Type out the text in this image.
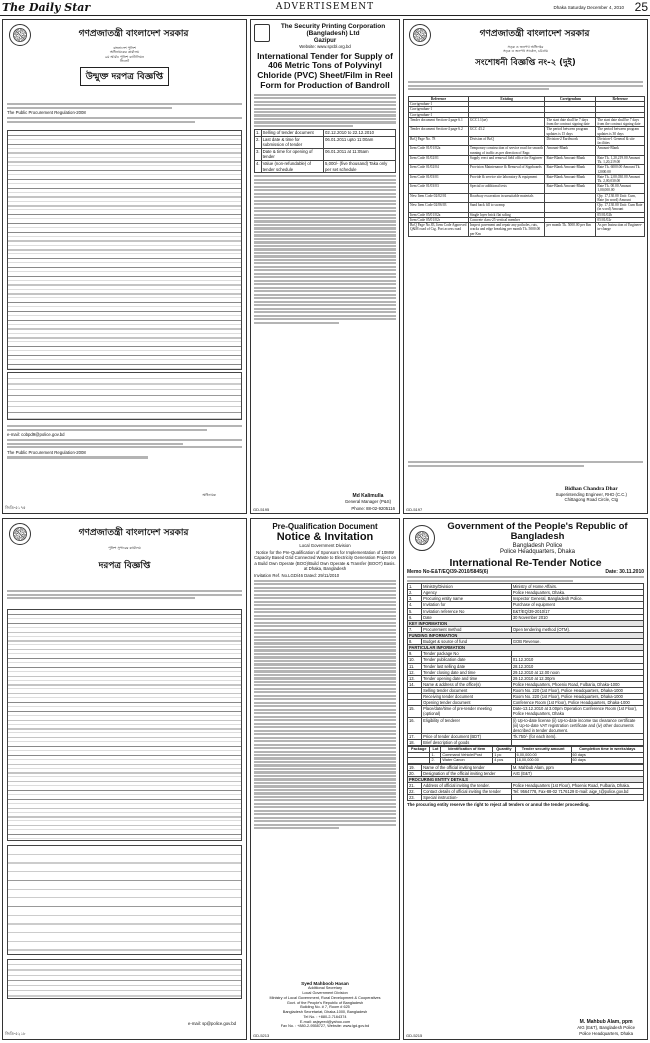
The Daily Star	ADVERTISEMENT	Dhaka Saturday December 4, 2010 25
গণপ্রজাতন্ত্রী বাংলাদেশ সরকার
বাংলাদেশ পুলিশ
অধিনায়কের কার্যালয়
৯ম আর্মড পুলিশ ব্যাটালিয়ন
সিলেট
উন্মুক্ত দরপত্র বিজ্ঞপ্তি
The Public Procurement Regulation-2008
e-mail: cobpd9@police.gov.bd
The Public Procurement Regulation-2008
অধিনায়ক
জিডি-৫১৭৫
The Security Printing Corporation (Bangladesh) Ltd
Gazipur
Website: www.spcbl.org.bd
International Tender for Supply of 406 Metric Tons of Polyvinyl Chloride (PVC) Sheet/Film in Reel Form for Production of Bandroll
1.	Selling of tender document	02.12.2010 to 22.12.2010
2.	Last date & time for submission of tender	06.01.2011 upto 11:00am
3.	Date & time for opening of tender	06.01.2011 at 11:05am
4.	Value (non-refundable) of tender schedule	5,000/- (five thousand) Taka only per set schedule
Md Kalimulla
General Manager (P&S)
Phone: 88-02-9205116
GD-5195
গণপ্রজাতন্ত্রী বাংলাদেশ সরকার
সড়ক ও জনপথ অধিদপ্তর
সড়ক ও জনপথ সার্কেল, চট্টগ্রাম
সংশোধনী বিজ্ঞপ্তি নং-২ (দুই)
Reference	Existing	Corrigendum	Reference
Corrigendum-1			
Corrigendum-1			
Corrigendum-1			
Tender document Section-4 page 6.1	GCC1.1(ae)	The start date shall be 7 days from the contract signing date	The start date shall be 7 days from the contract signing date
Tender document Section-4 page 6.2	GCC 43.2	The period between program updates is 15 days	The period between program updates is 30 days
BoQ Page No. 78	Division of BoQ	Division-2 Earthwork	Division-1 General & site facilities
Item Code 01/01/02a	Temporary construction of service road for smooth running of traffic as per direction of Engr.	Amount-Blank	Amount-Blank
Item Code 01/02/01	Supply erect and removal field office for Engineer	Rate-Blank Amount-Blank	Rate Tk. 1,20,219.00 Amount Tk. 1,20,219.00
Item Code 01/02/04	Provision Maintenance & Removal of Signboards	Rate-Blank Amount-Blank	Rate Tk. 6000.00 Amount Tk. 12000.00
Item Code 01/03/01	Provide & service site laboratory & equipment	Rate-Blank Amount-Blank	Rate Tk. 2,00,030.00 Amount Tk. 2,00,030.00
Item Code 01/03/03	Special or additional tests	Rate-Blank Amount-Blank	Rate Tk. 00.00 Amount 1,00,000.00
New Item Code 02/02/01	Roadway excavation in unsuitable materials		Qty. 17,130.00 Unit: Cum, Rate (in word) Amount
New Item Code 02/06/03	Sand back fill to swamp		Qty. 17,130.00 Unit: Cum Rate (in word) Amount
Item Code 05/01/02a	Single layer brick flat soling		05/01/02b
Item Code 05/01/02r	Concrete class-25 vertical member		05/01/02r
BoQ Page No.83, Item Code Approved Q&M road of Ctg. Port access road	Inspect pavement and repair any potholes, ruts, cracks and edge breaking per month Tk. 5000.00 per Km	per month Tk. 5000.00 per Km	As per Instruction of Engineer-in-charge
Bidhan Chandra Dhar
Superintending Engineer, RHD (C.C.)
Chittagong Road Circle, Ctg
GD-5197
গণপ্রজাতন্ত্রী বাংলাদেশ সরকার
পুলিশ সুপারের কার্যালয়
দরপত্র বিজ্ঞপ্তি
e-mail: sp@police.gov.bd
জিডি-৫২১৮
Pre-Qualification Document
Notice & Invitation
Local Government Division
Notice for the Pre-Qualification of Sponsors for Implementation of 10MW Capacity Based Grid Connected Waste to Electricity Generation Project on a Build Own Operate (BOO)/Build Own Operate & Transfer (BOOT) Basis. at Dhaka, Bangladesh
Invitation Ref. No.LGD/46 Dated: 29/11/2010
Syed Mahboob Hasan
Additional Secretary
Local Government Division
Ministry of Local Government, Rural Development & Cooperatives
Govt. of the People's Republic of Bangladesh
Building No. # 7, Room # 625
Bangladesh Secretariat, Dhaka-1000, Bangladesh
Tel No. : +880-2-7164374
E-mail: asjsyeed@yahoo.com
Fax No. : +880-2-9558727, Website: www.lgd.gov.bd
GD-5213
Government of the People's Republic of Bangladesh
Bangladesh Police
Police Headquarters, Dhaka
International Re-Tender Notice
Memo No-E&T/EQ/39-2010/5845(6)	Date: 30.11.2010
1.	Ministry/Division	Ministry of Home Affairs.
2.	Agency	Police Headquarters, Dhaka.
3.	Procuring entity name	Inspector General, Bangladesh Police.
4.	Invitation for	Purchase of equipment
5.	Invitation reference No	E&T/EQ/39-2010/17
6.	Date	30 November 2010
KEY INFORMATION		
7.	Procurement method	Open tendering method (OTM).
FUNDING INFORMATION		
8.	Budget & source of fund	GOB Revenue.
PARTICULAR INFORMATION		
9.	Tender package No	
10.	Tender publication date	01.12.2010
11.	Tender last selling date	28.12.2010
12.	Tender closing date and time	29.12.2010 at 12.00 noon
13.	Tender opening date and time	29.12.2010 at 12.30pm
14.	Name & address of the office(s)	Police Headquarters, Phoenix Road, Fulbaria, Dhaka-1000
	Selling tender document	Room No. 220 (1st Floor), Police Headquarters, Dhaka-1000
	Receiving tender document	Room No. 220 (1st Floor), Police Headquarters, Dhaka-1000
	Opening tender document	Conference Room (1st Floor), Police Headquarters, Dhaka-1000
15.	Place/date/time of pre-tender meeting (optional)	Date-13.12.2010 at 3.00pm Operation Conference Room (1st Floor), Police Headquarters, Dhaka
16.	Eligibility of tenderer	(i) Up-to-date license (ii) Up-to-date income tax clearance certificate (iii) Up-to-date VAT registration certificate and (iv) other documents described in tender document.
17.	Price of tender document (BDT)	Tk.750/- (for each item).
18.	Brief description of goods	
Package	Lot	Identification of item	Quantity	Tender security amount	Completion time in weeks/days
	1.	Command Vehicle/Post	1 pc	6,00,000.00	60 days
	2.	Water Canon	4 pcs	16,00,000.00	60 days
19.	Name of the official inviting tender	M. Mahbub Alam, ppm
20.	Designation of the official inviting tender	AIG (E&T)
PROCURING ENTITY DETAILS		
21.	Address of official inviting the tender.	Police Headquarters (1st Floor), Phoenix Road, Fulbaria, Dhaka.
22.	Contact details of official inviting the tender	Tel: 9564778, Fax-88-02 7176129 E-mail: aige_t@police.gov.bd
23.	Special instruction-	
The procuring entity reserve the right to reject all tenders or annul the tender proceeding.
M. Mahbub Alam, ppm
AIG (E&T), Bangladesh Police
Police Headquarters, Dhaka
GD-5215
